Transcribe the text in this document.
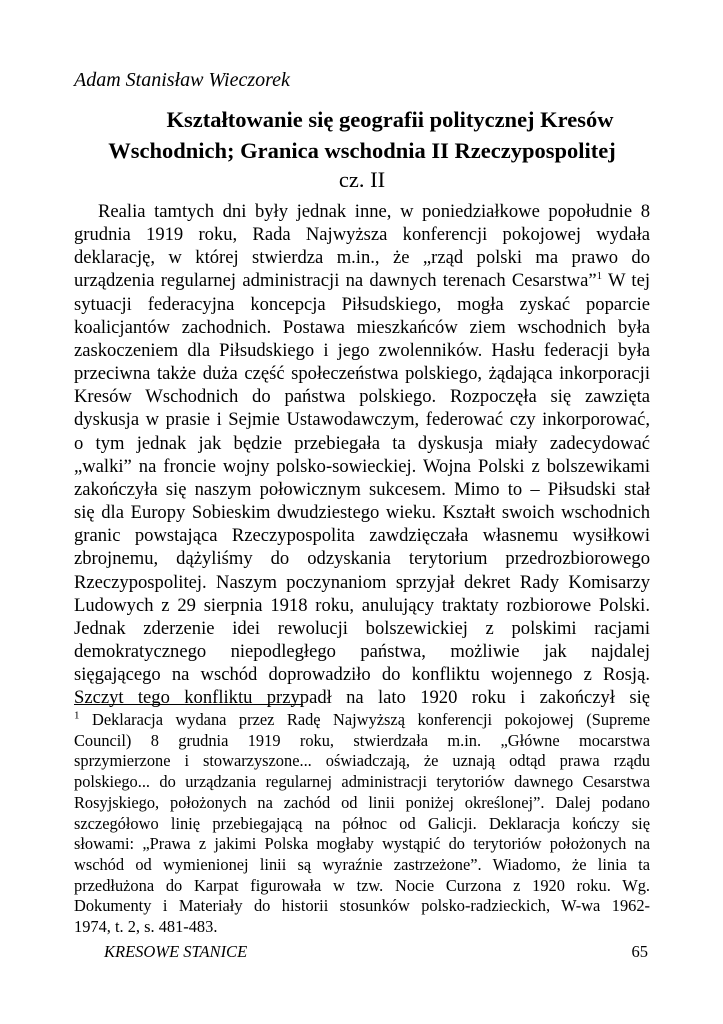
Adam Stanisław Wieczorek
Kształtowanie się geografii politycznej Kresów
Wschodnich; Granica wschodnia II Rzeczypospolitej
cz. II
Realia tamtych dni były jednak inne, w poniedziałkowe popołudnie 8
grudnia 1919 roku, Rada Najwyższa konferencji pokojowej wydała
deklarację, w której stwierdza m.in., że „rząd polski ma prawo do
urządzenia regularnej administracji na dawnych terenach Cesarstwa”$^1$ W tej
sytuacji federacyjna koncepcja Piłsudskiego, mogła zyskać poparcie
koalicjantów zachodnich. Postawa mieszkańców ziem wschodnich była
zaskoczeniem dla Piłsudskiego i jego zwolenników. Hasłu federacji była
przeciwna także duża część społeczeństwa polskiego, żądająca inkorporacji
Kresów Wschodnich do państwa polskiego. Rozpoczęła się zawzięta
dyskusja w prasie i Sejmie Ustawodawczym, federować czy inkorporować,
o tym jednak jak będzie przebiegała ta dyskusja miały zadecydować
„walki” na froncie wojny polsko-sowieckiej. Wojna Polski z bolszewikami
zakończyła się naszym połowicznym sukcesem. Mimo to – Piłsudski stał
się dla Europy Sobieskim dwudziestego wieku. Kształt swoich wschodnich
granic powstająca Rzeczypospolita zawdzięczała własnemu wysiłkowi
zbrojnemu, dążyliśmy do odzyskania terytorium przedrozbiorowego
Rzeczypospolitej. Naszym poczynaniom sprzyjał dekret Rady Komisarzy
Ludowych z 29 sierpnia 1918 roku, anulujący traktaty rozbiorowe Polski.
Jednak zderzenie idei rewolucji bolszewickiej z polskimi racjami
demokratycznego niepodległego państwa, możliwie jak najdalej
sięgającego na wschód doprowadziło do konfliktu wojennego z Rosją.
Szczyt tego konfliktu przypadł na lato 1920 roku i zakończył się
$^1$ Deklaracja wydana przez Radę Najwyższą konferencji pokojowej (Supreme
Council) 8 grudnia 1919 roku, stwierdzała m.in. „Główne mocarstwa
sprzymierzone i stowarzyszone... oświadczają, że uznają odtąd prawa rządu
polskiego... do urządzania regularnej administracji terytoriów dawnego Cesarstwa
Rosyjskiego, położonych na zachód od linii poniżej określonej”. Dalej podano
szczegółowo linię przebiegającą na północ od Galicji. Deklaracja kończy się
słowami: „Prawa z jakimi Polska mogłaby wystąpić do terytoriów położonych na
wschód od wymienionej linii są wyraźnie zastrzeżone”. Wiadomo, że linia ta
przedłużona do Karpat figurowała w tzw. Nocie Curzona z 1920 roku. Wg.
Dokumenty i Materiały do historii stosunków polsko-radzieckich, W-wa 1962-
1974, t. 2, s. 481-483.
KRESOWE STANICE	65
